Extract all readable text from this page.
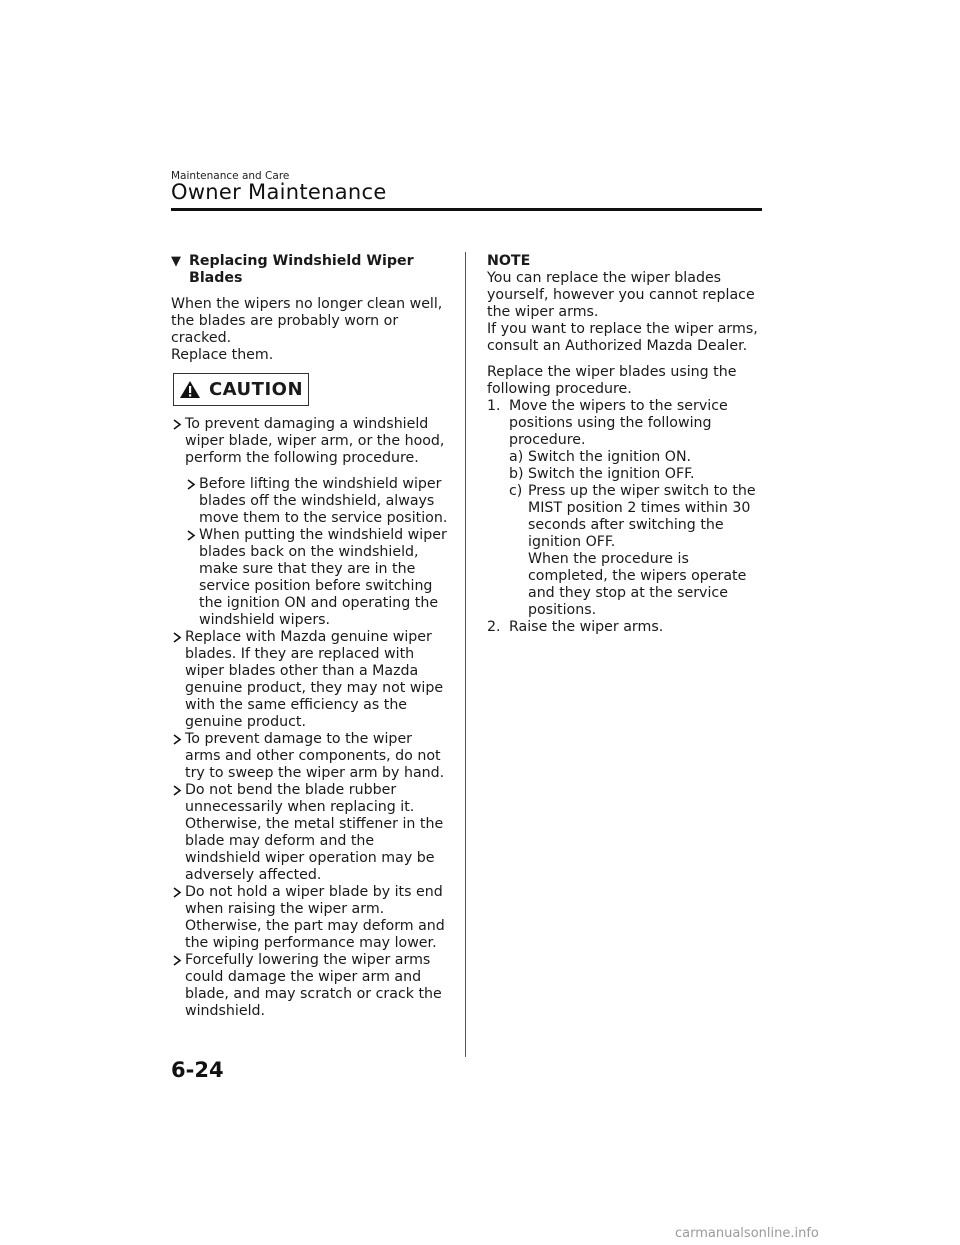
Maintenance and Care
Owner Maintenance
▼ Replacing Windshield Wiper Blades

When the wipers no longer clean well, the blades are probably worn or cracked.

Replace them.

CAUTION
To prevent damaging a windshield wiper blade, wiper arm, or the hood, perform the following procedure.
Before lifting the windshield wiper blades off the windshield, always move them to the service position.
When putting the windshield wiper blades back on the windshield, make sure that they are in the service position before switching the ignition ON and operating the windshield wipers.
Replace with Mazda genuine wiper blades. If they are replaced with wiper blades other than a Mazda genuine product, they may not wipe with the same efficiency as the genuine product.
To prevent damage to the wiper arms and other components, do not try to sweep the wiper arm by hand.
Do not bend the blade rubber unnecessarily when replacing it. Otherwise, the metal stiffener in the blade may deform and the windshield wiper operation may be adversely affected.
Do not hold a wiper blade by its end when raising the wiper arm. Otherwise, the part may deform and the wiping performance may lower.
Forcefully lowering the wiper arms could damage the wiper arm and blade, and may scratch or crack the windshield.

NOTE

You can replace the wiper blades yourself, however you cannot replace the wiper arms.

If you want to replace the wiper arms, consult an Authorized Mazda Dealer.

Replace the wiper blades using the following procedure.

1. Move the wipers to the service positions using the following procedure.
a) Switch the ignition ON.
b) Switch the ignition OFF.
c) Press up the wiper switch to the MIST position 2 times within 30 seconds after switching the ignition OFF.
When the procedure is completed, the wipers operate and they stop at the service positions.
2. Raise the wiper arms.
6-24
carmanualsonline.info
